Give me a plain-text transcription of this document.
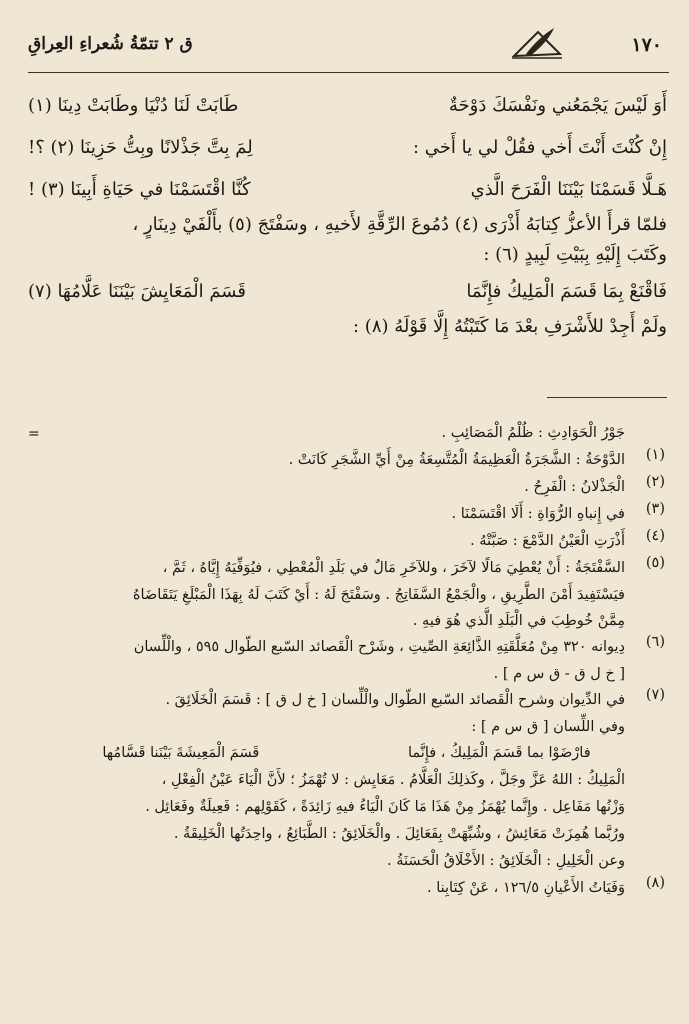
١٧٠
ق ٢ تتمّةُ شُعراءِ العِراقِ
أَوَ لَيْسَ يَجْمَعُني ونَفْسَكَ دَوْحَةٌ
طَابَتْ لَنَا دُنْيَا وطَابَتْ دِينَا (١)
إِنْ كُنْتَ أَنْتَ أَخي فقُلْ لي يا أَخي :
لِمَ بِتَّ جَذْلانًا وبِتُّ حَزِينَا (٢) ؟!
هَـلَّا قَسَمْنَا بَيْنَنَا الْفَرَحَ الَّذي
كُنَّا اقْتَسَمْنَا في حَيَاةِ أَبِينَا (٣) !

فلمّا قرأَ الأعزُّ كِتابَهُ أَذْرَى (٤) دُمُوعَ الرِّقَّةِ لأَخيهِ ، وسَفْتَجَ (٥) بأَلْفَيْ دِينَارٍ ،

وكَتَبَ إِلَيْهِ بِبَيْتِ لَبِيدٍ (٦) :

فَاقْنَعْ بِمَا قَسَمَ الْمَلِيكُ فإِنَّمَا
قَسَمَ الْمَعَايِشَ بَيْنَنَا عَلَّامُهَا (٧)

ولَمْ أَجِدْ للأَشْرَفِ بعْدَ مَا كَتَبْتُهُ إِلَّا قَوْلَهُ (٨) :

=	جَوْرُ الْحَوَادِثِ : ظُلْمُ الْمَصَائِبِ .
(١)
الدَّوْحَةُ : الشَّجَرَةُ الْعَظِيمَةُ الْمُتَّسِعَةُ مِنْ أَيِّ الشَّجَرِ كَانَتْ .
(٢)
الْجَذْلانُ : الْفَرِحُ .
(٣)
في إِنباهِ الرُّوَاةِ : أَلَا اقْتَسَمْنَا .
(٤)
أَذْرَتِ الْعَيْنُ الدَّمْعَ : صَبَّتْهُ .
(٥)
السَّفْتَجَةُ : أَنْ يُعْطِيَ مَالًا لآخَرَ ، وللآخَرِ مَالٌ في بَلَدِ الْمُعْطِي ، فيُوَفِّيَهُ إِيَّاهُ ، ثَمَّ ،
فيَسْتَفِيدَ أَمْنَ الطَّرِيقِ ، والْجَمْعُ السَّفَاتِجُ . وسَفْتَجَ لَهُ : أَيْ كَتَبَ لَهُ بِهَذَا الْمَبْلَغِ يَتَقَاضَاهُ
مِمَّنْ خُوطِبَ في الْبَلَدِ الَّذي هُوَ فيهِ .
(٦)
دِيوانه ٣٢٠ مِنْ مُعَلَّقَتِهِ الذَّائِعَةِ الصِّيتِ ، وشَرْح الْقَصائد السّبع الطّوال ٥٩٥ ، والْلِّسان
[ خ ل ق - ق س م ] .
(٧)
في الدِّيوان وشرح الْقَصائد السّبع الطّوال والْلِّسان [ خ ل ق ] : قَسَمَ الْخَلَائِقَ .
وفي اللِّسان [ ق س م ] :
فارْضَوْا بما قَسَمَ الْمَلِيكُ ، فإِنَّما
قَسَمَ الْمَعِيشَةَ بَيْنَنا قَسَّامُها
الْمَلِيكُ : اللهُ عَزَّ وجَلَّ ، وكَذلِكَ الْعَلَّامُ . مَعَايِش : لا تُهْمَزُ ؛ لأَنَّ الْيَاءَ عَيْنُ الْفِعْلِ ،
وَزْنُها مَفَاعِل . وإِنَّما يُهْمَزُ مِنْ هَذَا مَا كَانَ الْيَاءُ فيهِ زَائِدَةً ، كَقَوْلِهم : فَعِيلَةٌ وفَعَائِل .
ورُبَّما هُمِزَتْ مَعَائِشُ ، وشُبِّهَتْ بِفَعَائِلَ . والْخَلَائِقُ : الطَّبَائِعُ ، واحِدَتُها الْخَلِيقَةُ .
وعن الْخَلِيلِ : الْخَلَائِقُ : الأَخْلَاقُ الْحَسَنَةُ .
(٨)
وَفَيَاتُ الأَعْيانِ ١٢٦/٥ ، عَنْ كِتَابِنا .
